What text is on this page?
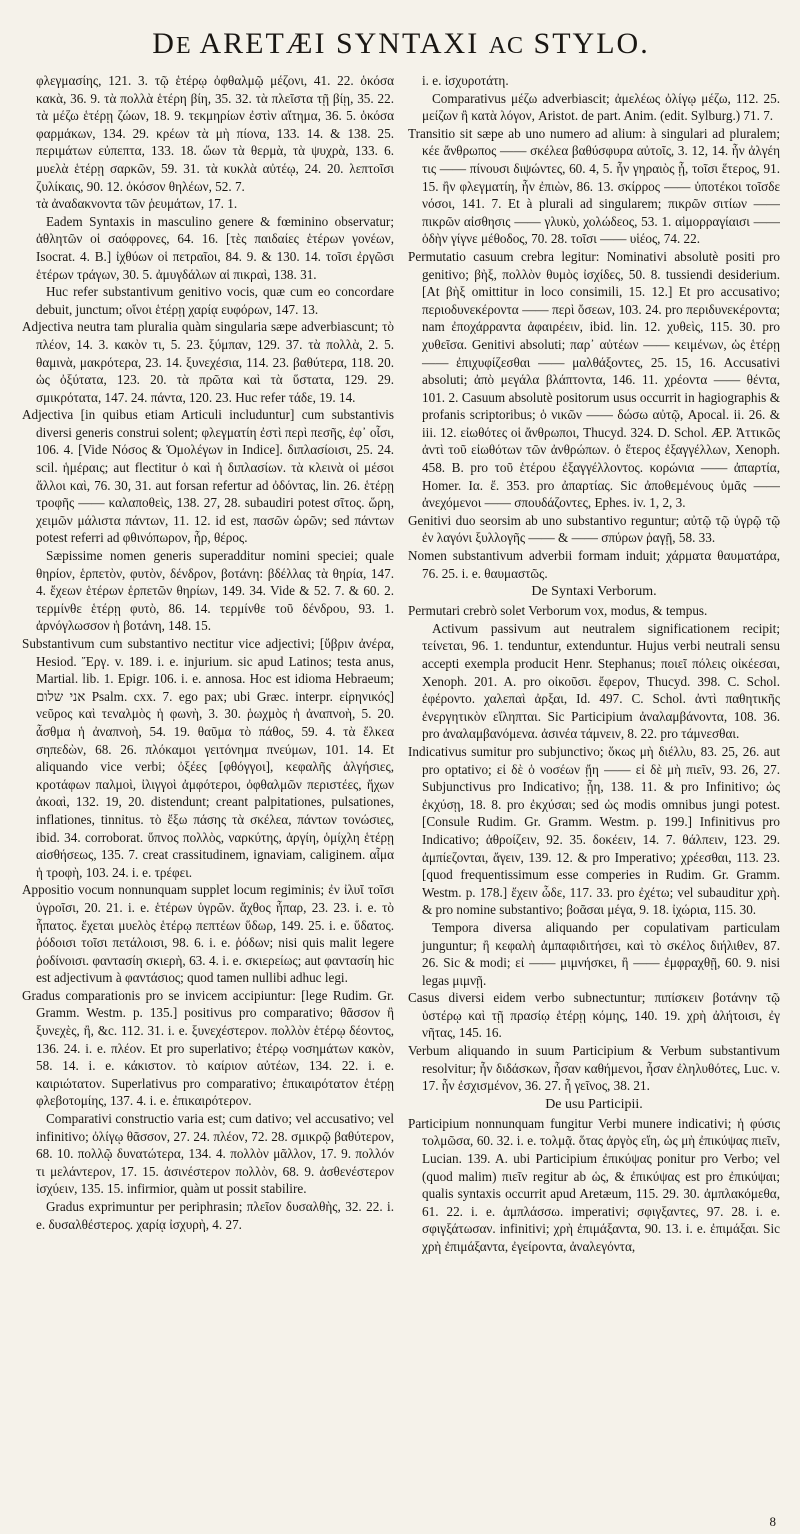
DE ARETÆI SYNTAXI AC STYLO.

φλεγμασίης, 121. 3. τῷ ἑτέρῳ ὀφθαλμῷ μέζονι, 41. 22. ὁκόσα κακὰ, 36. 9. τὰ πολλὰ ἑτέρη βίη, 35. 32. τὰ πλεῖστα τῇ βίῃ, 35. 22. τὰ μέζω ἑτέρῃ ζώων, 18. 9. τεκμηρίων ἐστὶν αἴτημα, 36. 5. ὁκόσα φαρμάκων, 134. 29. κρέων τὰ μὴ πίονα, 133. 14. & 138. 25. περιμάτων εὐπεπτα, 133. 18. ὤων τὰ θερμὰ, τὰ ψυχρὰ, 133. 6. μυελὰ ἑτέρῃ σαρκῶν, 59. 31. τὰ κυκλὰ αὐτέῳ, 24. 20. λεπτοῖσι ζυλίκαις, 90. 12. ὁκόσον θηλέων, 52. 7.

τὰ ἀναδακνοντα τῶν ῥευμάτων, 17. 1.

Eadem Syntaxis in masculino genere & fœminino observatur; ἀθλητῶν οἱ σαόφρονες, 64. 16. [τὲς παιδαίες ἑτέρων γονέων, Isocrat. 4. B.] ἰχθύων οἱ πετραῖοι, 84. 9. & 130. 14. τοῖσι ἐργῶσι ἑτέρων τράγων, 30. 5. ἀμυγδάλων αἱ πικραὶ, 138. 31.

Huc refer substantivum genitivo vocis, quæ cum eo concordare debuit, junctum; οἴνοι ἑτέρῃ χαρίᾳ ευφόρων, 147. 13.

Adjectiva neutra tam pluralia quàm singularia sæpe adverbiascunt; τὸ πλέον, 14. 3. κακὸν τι, 5. 23. ξύμπαν, 129. 37. τὰ πολλὰ, 2. 5. θαμινὰ, μακρότερα, 23. 14. ξυνεχέσια, 114. 23. βαθύτερα, 118. 20. ὡς ὀξύτατα, 123. 20. τὰ πρῶτα καὶ τὰ ὕστατα, 129. 29. σμικρότατα, 147. 24. πάντα, 120. 23. Huc refer τάδε, 19. 14.

Adjectiva [in quibus etiam Articuli includuntur] cum substantivis diversi generis construi solent; φλεγματίη ἐστὶ περὶ πεσῆς, ἐφ᾽ οἷσι, 106. 4. [Vide Νόσος & Ὁμολέγων in Indice]. διπλασίοισι, 25. 24. scil. ἡμέραις; aut flectitur ὁ καὶ ἡ διπλασίων. τὰ κλεινὰ οἱ μέσοι ἄλλοι καὶ, 76. 30, 31. aut forsan refertur ad ὀδόντας, lin. 26. ἑτέρῃ τροφῆς —— καλαποθεὶς, 138. 27, 28. subaudiri potest σῖτος. ὥρη, χειμῶν μάλιστα πάντων, 11. 12. id est, πασῶν ὡρῶν; sed πάντων potest referri ad φθινόπωρον, ἦρ, θέρος.

Sæpissime nomen generis superadditur nomini speciei; quale θηρίον, ἑρπετὸν, φυτὸν, δένδρον, βοτάνη: βδέλλας τὰ θηρία, 147. 4. ἔχεων ἑτέρων ἑρπετῶν θηρίων, 149. 34. Vide & 52. 7. & 60. 2. τερμίνθε ἑτέρῃ φυτὸ, 86. 14. τερμίνθε τοῦ δένδρου, 93. 1. ἀρνόγλωσσον ἡ βοτάνη, 148. 15.

Substantivum cum substantivo nectitur vice adjectivi; [ὕβριν ἀνέρα, Hesiod. Ἔργ. v. 189. i. e. injurium. sic apud Latinos; testa anus, Martial. lib. 1. Epigr. 106. i. e. annosa. Hoc est idioma Hebraeum; אני שלום Psalm. cxx. 7. ego pax; ubi Græc. interpr. εἰρηνικός] νεῦρος καὶ τεναλμὸς ἡ φωνὴ, 3. 30. ῥωχμὸς ἡ ἀναπνοὴ, 5. 20. ἆσθμα ἡ ἀναπνοὴ, 54. 19. θαῦμα τὸ πάθος, 59. 4. τὰ ἕλκεα σηπεδὼν, 68. 26. πλόκαμοι γειτόνημα πνεύμων, 101. 14. Et aliquando vice verbi; ὀξέες [φθόγγοι], κεφαλῆς ἀλγήσιες, κροτάφων παλμοὶ, ἰλιγγοὶ ἀμφότεροι, ὀφθαλμῶν περιστέες, ἤχων ἀκοαὶ, 132. 19, 20. distendunt; creant palpitationes, pulsationes, inflationes, tinnitus. τὸ ἔξω πάσης τὰ σκέλεα, πάντων τονώσιες, ibid. 34. corroborat. ὕπνος πολλὸς, ναρκύτης, ἀργίη, ὁμίχλη ἑτέρῃ αἰσθήσεως, 135. 7. creat crassitudinem, ignaviam, caliginem. αἷμα ἡ τροφὴ, 103. 24. i. e. τρέφει.

Appositio vocum nonnunquam supplet locum regiminis; ἐν ἰλυῖ τοῖσι ὑγροῖσι, 20. 21. i. e. ἑτέρων ὑγρῶν. ἄχθος ἦπαρ, 23. 23. i. e. τὸ ἦπατος. ἔχεται μυελὸς ἑτέρῳ πεπτέων ὕδωρ, 149. 25. i. e. ὕδατος. ῥόδοισι τοῖσι πετάλοισι, 98. 6. i. e. ῥόδων; nisi quis malit legere ῥοδίνοισι. φαντασίη σκιερὴ, 63. 4. i. e. σκιερείως; aut φαντασίη hic est adjectivum à φαντάσιος; quod tamen nullibi adhuc legi.

Gradus comparationis pro se invicem accipiuntur: [lege Rudim. Gr. Gramm. Westm. p. 135.] positivus pro comparativo; θᾶσσον ἢ ξυνεχὲς, ἢ, &c. 112. 31. i. e. ξυνεχέστερον. πολλὸν ἑτέρῳ δέοντος, 136. 24. i. e. πλέον. Et pro superlativo; ἑτέρῳ νοσημάτων κακὸν, 58. 14. i. e. κάκιστον. τὸ καίριον αὐτέων, 134. 22. i. e. καιριώτατον. Superlativus pro comparativo; ἐπικαιρότατον ἑτέρῃ φλεβοτομίης, 137. 4. i. e. ἐπικαιρότερον.

Comparativi constructio varia est; cum dativo; vel accusativo; vel infinitivo; ὀλίγῳ θᾶσσον, 27. 24. πλέον, 72. 28. σμικρῷ βαθύτερον, 68. 10. πολλῷ δυνατώτερα, 134. 4. πολλὸν μᾶλλον, 17. 9. πολλόν τι μελάντερον, 17. 15. ἀσινέστερον πολλὸν, 68. 9. ἀσθενέστερον ἰσχύειν, 135. 15. infirmior, quàm ut possit stabilire.

Gradus exprimuntur per periphrasin; πλεῖον δυσαλθὴς, 32. 22. i. e. δυσαλθέστερος. χαρίᾳ ἰσχυρὴ, 4. 27.

i. e. ἰσχυροτάτη.

Comparativus μέζω adverbiascit; ἀμελέως ὀλίγῳ μέζω, 112. 25. μείζων ἢ κατὰ λόγον, Aristot. de part. Anim. (edit. Sylburg.) 71. 7.

Transitio sit sæpe ab uno numero ad alium: à singulari ad pluralem; κέε ἄνθρωπος —— σκέλεα βαθύσφυρα αὐτοῖς, 3. 12, 14. ἦν ἀλγέη τις —— πίνουσι διψώντες, 60. 4, 5. ἦν γηραιὸς ᾖ, τοῖσι ἕτερος, 91. 15. ἢν φλεγματίη, ἦν ἐπιὼν, 86. 13. σκίρρος —— ὑποτέκοι τοῖσδε νόσοι, 141. 7. Et à plurali ad singularem; πικρῶν σιτίων —— πικρῶν αἰσθησις —— γλυκὺ, χολώδεος, 53. 1. αἱμορραγίαισι —— ὁδὴν γίγνε μέθοδος, 70. 28. τοῖσι —— υἱέος, 74. 22.

Permutatio casuum crebra legitur: Nominativi absolutè positi pro genitivo; βὴξ, πολλὸν θυμὸς ἰσχίδες, 50. 8. tussiendi desiderium. [At βὴξ omittitur in loco consimili, 15. 12.] Et pro accusativo; περιοδυνεκέροντα —— περὶ ὄσεων, 103. 24. pro περιδυνεκέροντα; nam ἐποχάρραντα ἀφαιρέειν, ibid. lin. 12. χυθεὶς, 115. 30. pro χυθεῖσα. Genitivi absoluti; παρ᾽ αὐτέων —— κειμένων, ὡς ἑτέρῃ —— ἐπιχυφίζεσθαι —— μαλθάξοντες, 25. 15, 16. Accusativi absoluti; ἀπὸ μεγάλα βλάπτοντα, 146. 11. χρέοντα —— θέντα, 101. 2. Casuum absolutè positorum usus occurrit in hagiographis & profanis scriptoribus; ὁ νικῶν —— δώσω αὐτῷ, Apocal. ii. 26. & iii. 12. εἰωθότες οἱ ἄνθρωποι, Thucyd. 324. D. Schol. ÆP. Ἀττικῶς ἀντὶ τοῦ εἰωθότων τῶν ἀνθρώπων. ὁ ἕτερος ἐξαγγέλλων, Xenoph. 458. B. pro τοῦ ἑτέρου ἐξαγγέλλοντος. κορώνια —— ἀπαρτία, Homer. Ια. ἔ. 353. pro ἀπαρτίας. Sic ἀποθεμένους ὑμᾶς —— ἀνεχόμενοι —— σπουδάζοντες, Ephes. iv. 1, 2, 3.

Genitivi duo seorsim ab uno substantivo reguntur; αὐτῷ τῷ ὑγρῷ τῷ ἐν λαγόνι ξυλλογῆς —— & —— σπύρων ῥαγῇ, 58. 33.

Nomen substantivum adverbii formam induit; χάρματα θαυματάρα, 76. 25. i. e. θαυμαστῶς.

De Syntaxi Verborum.

Permutari crebrò solet Verborum vox, modus, & tempus.

Activum passivum aut neutralem significationem recipit; τείνεται, 96. 1. tenduntur, extenduntur. Hujus verbi neutrali sensu accepti exempla producit Henr. Stephanus; ποιεῖ πόλεις οἰκέεσαι, Xenoph. 201. A. pro οἰκοῦσι. ἔφερον, Thucyd. 398. C. Schol. ἐφέροντο. χαλεπαὶ ἀρξαι, Id. 497. C. Schol. ἀντὶ παθητικῆς ἐνεργητικὸν εἴληπται. Sic Participium ἀναλαμβάνοντα, 108. 36. pro ἀναλαμβανόμενα. ἀσινέα τάμνειν, 8. 22. pro τάμνεσθαι.

Indicativus sumitur pro subjunctivo; ὅκως μὴ διέλλυ, 83. 25, 26. aut pro optativo; εἰ δὲ ὁ νοσέων ᾔη —— εἰ δὲ μὴ πιεῖν, 93. 26, 27. Subjunctivus pro Indicativo; ᾖη, 138. 11. & pro Infinitivo; ὡς ἐκχύσῃ, 18. 8. pro ἐκχύσαι; sed ὡς modis omnibus jungi potest. [Consule Rudim. Gr. Gramm. Westm. p. 199.] Infinitivus pro Indicativo; ἀθροίζειν, 92. 35. δοκέειν, 14. 7. θάλπειν, 123. 29. ἀμπίεζονται, ἄγειν, 139. 12. & pro Imperativo; χρέεσθαι, 113. 23. [quod frequentissimum esse comperies in Rudim. Gr. Gramm. Westm. p. 178.] ἔχειν ὧδε, 117. 33. pro ἐχέτω; vel subauditur χρὴ. & pro nomine substantivo; βοᾶσαι μέγα, 9. 18. ἰχώρια, 115. 30.

Tempora diversa aliquando per copulativam particulam junguntur; ἢ κεφαλὴ ἀμπαφιδιτήσει, καὶ τὸ σκέλος διήλιθεν, 87. 26. Sic & modi; εἰ —— μιμνήσκει, ἢ —— ἐμφραχθῇ, 60. 9. nisi legas μιμνῇ.

Casus diversi eidem verbo subnectuntur; πιπίσκειν βοτάνην τῷ ὑστέρῳ καὶ τῇ πρασίῳ ἑτέρῃ κόμης, 140. 19. χρὴ ἀλήτοισι, ἐγ νῆτας, 145. 16.

Verbum aliquando in suum Participium & Verbum substantivum resolvitur; ἦν διδάσκων, ἦσαν καθήμενοι, ἦσαν ἐληλυθότες, Luc. v. 17. ἦν ἐσχισμένον, 36. 27. ἦ γεῖνος, 38. 21.

De usu Participii.

Participium nonnunquam fungitur Verbi munere indicativi; ἡ φύσις τολμῶσα, 60. 32. i. e. τολμᾷ. ὅτας ἀργὸς εἴη, ὡς μὴ ἐπικύψας πιεῖν, Lucian. 139. A. ubi Participium ἐπικύψας ponitur pro Verbo; vel (quod malim) πιεῖν regitur ab ὡς, & ἐπικύψας est pro ἐπικύψαι; qualis syntaxis occurrit apud Aretæum, 115. 29. 30. ἀμπλακόμεθα, 61. 22. i. e. ἀμπλάσσω. imperativi; σφιγξαντες, 97. 28. i. e. σφιγξάτωσαν. infinitivi; χρὴ ἐπιμάξαντα, 90. 13. i. e. ἐπιμάξαι. Sic χρὴ ἐπιμάξαντα, ἐγείροντα, ἀναλεγόντα,

8
